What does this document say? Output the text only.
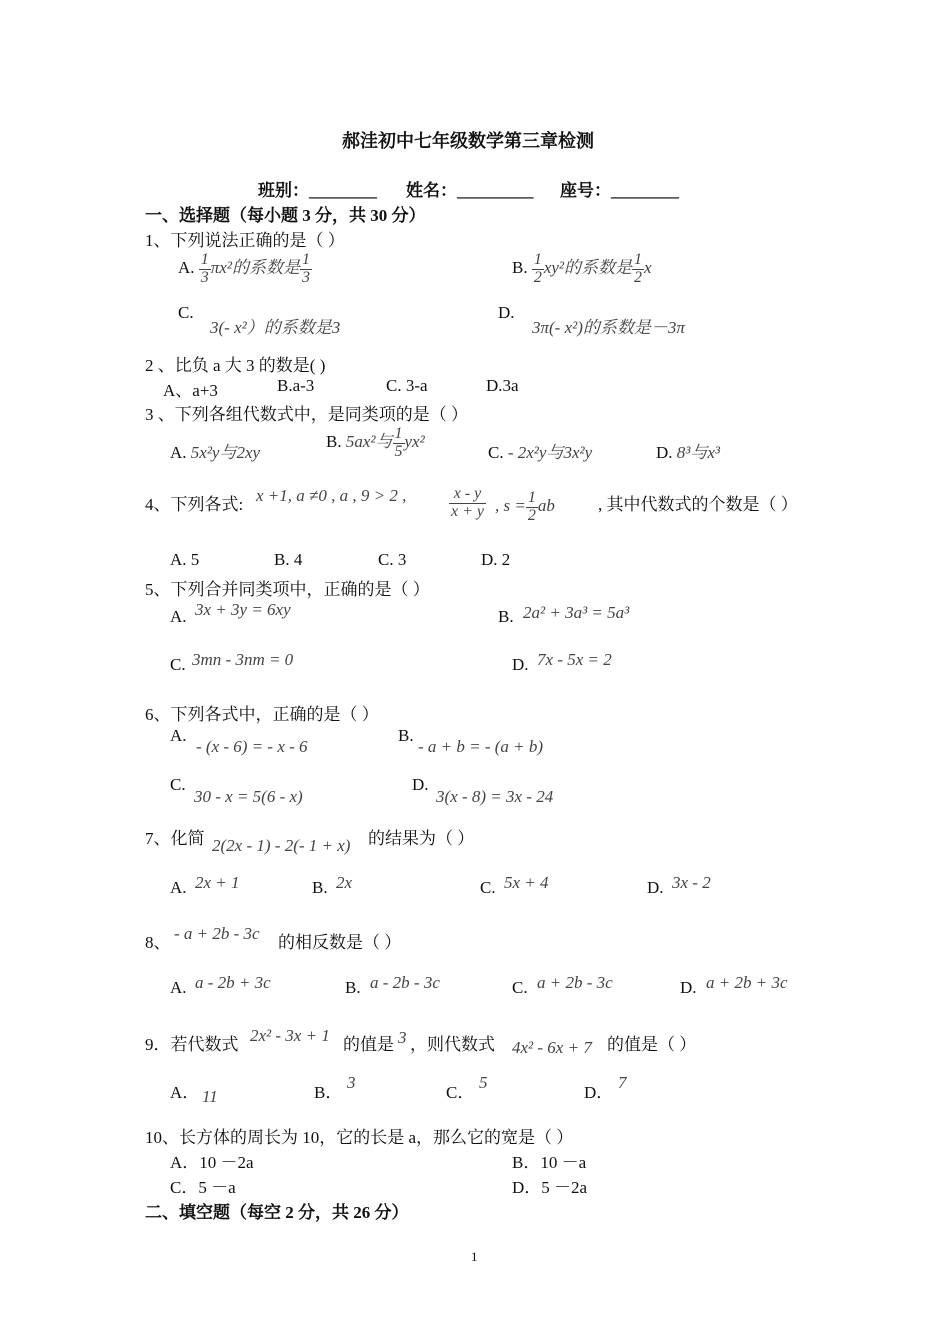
郝洼初中七年级数学第三章检测
班别：________ 姓名：_________ 座号：________
一、选择题（每小题 3 分，共 30 分）
1、下列说法正确的是（ ）
A. $\frac{1}{3} \pi x^2$的系数是 $\frac{1}{3}$	B. $\frac{1}{2} xy^2$的系数是 $\frac{1}{2}$ x
C.
3(- x²）的系数是3
D.
3π(- x²)的系数是－3π
2 、比负 a 大 3 的数是( )
A、a+3	B.a-3	C. 3-a	D.3a
3 、下列各组代数式中，是同类项的是（ ）
A. 5x²y与2xy
B. 5ax²与 $\frac{1}{5} yx^2$
C. - 2x²y与3x²y	D. 8³与x³
4、下列各式: x +1, a ≠0 , a , 9 > 2 ,	$\frac{x - y}{x + y}$ , $s = \frac{1}{2}$ ab	, 其中代数式的个数是（ ）
A. 5	B. 4	C. 3	D. 2
5、下列合并同类项中，正确的是（ ）
A. 3x + 3y = 6xy	B. 2a² + 3a³ = 5a³
C. 3mn - 3nm = 0	D. 7x - 5x = 2
6、下列各式中，正确的是（ ）
A.
- (x - 6) = - x - 6
B.
- a + b = - (a + b)
C.
30 - x = 5(6 - x)
D.
3(x - 8) = 3x - 24
7、化简 2(2x - 1) - 2(- 1 + x) 的结果为（ ）
A. 2x + 1	B. 2x	C. 5x + 4	D. 3x - 2
8、 - a + 2b - 3c 的相反数是（ ）
A. a - 2b + 3c	B. a - 2b - 3c	C. a + 2b - 3c	D. a + 2b + 3c
9．若代数式 2x² - 3x + 1 的值是 3 ，则代数式 4x² - 6x + 7 的值是（ ）
A． 11	B．
3
C．
5
D．
7
10、长方体的周长为 10，它的长是 a，那么它的宽是（ ）
A．10 －2a	B．10 －a
C．5 －a	D．5 －2a
二、填空题（每空 2 分，共 26 分）
1
